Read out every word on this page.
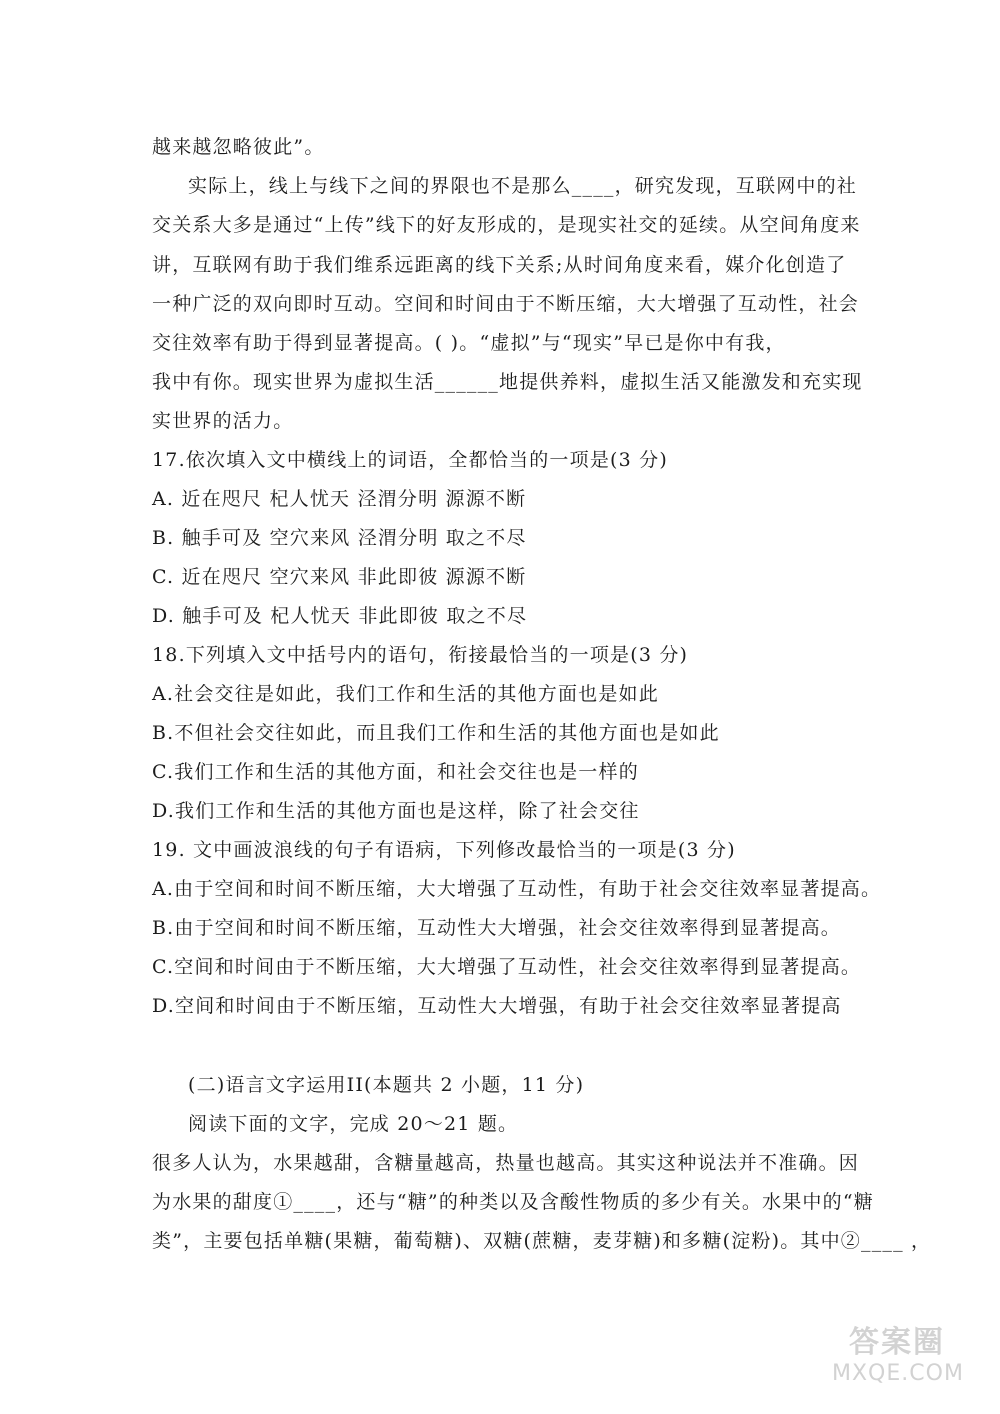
越来越忽略彼此”。
实际上，线上与线下之间的界限也不是那么____，研究发现，互联网中的社
交关系大多是通过“上传”线下的好友形成的，是现实社交的延续。从空间角度来
讲，互联网有助于我们维系远距离的线下关系;从时间角度来看，媒介化创造了
一种广泛的双向即时互动。空间和时间由于不断压缩，大大增强了互动性，社会
交往效率有助于得到显著提高。( )。“虚拟”与“现实”早已是你中有我，
我中有你。现实世界为虚拟生活______地提供养料，虚拟生活又能激发和充实现
实世界的活力。
17.依次填入文中横线上的词语，全都恰当的一项是(3 分)
A. 近在咫尺 杞人忧天 泾渭分明 源源不断
B. 触手可及 空穴来风 泾渭分明 取之不尽
C. 近在咫尺 空穴来风 非此即彼 源源不断
D. 触手可及 杞人忧天 非此即彼 取之不尽
18.下列填入文中括号内的语句，衔接最恰当的一项是(3 分)
A.社会交往是如此，我们工作和生活的其他方面也是如此
B.不但社会交往如此，而且我们工作和生活的其他方面也是如此
C.我们工作和生活的其他方面，和社会交往也是一样的
D.我们工作和生活的其他方面也是这样，除了社会交往
19. 文中画波浪线的句子有语病，下列修改最恰当的一项是(3 分)
A.由于空间和时间不断压缩，大大增强了互动性，有助于社会交往效率显著提高。
B.由于空间和时间不断压缩，互动性大大增强，社会交往效率得到显著提高。
C.空间和时间由于不断压缩，大大增强了互动性，社会交往效率得到显著提高。
D.空间和时间由于不断压缩，互动性大大增强，有助于社会交往效率显著提高
(二)语言文字运用II(本题共 2 小题，11 分)
阅读下面的文字，完成 20～21 题。
很多人认为，水果越甜，含糖量越高，热量也越高。其实这种说法并不准确。因
为水果的甜度①____，还与“糖”的种类以及含酸性物质的多少有关。水果中的“糖
类”，主要包括单糖(果糖，葡萄糖)、双糖(蔗糖，麦芽糖)和多糖(淀粉)。其中②____ ，
答案圈
MXQE.COM
